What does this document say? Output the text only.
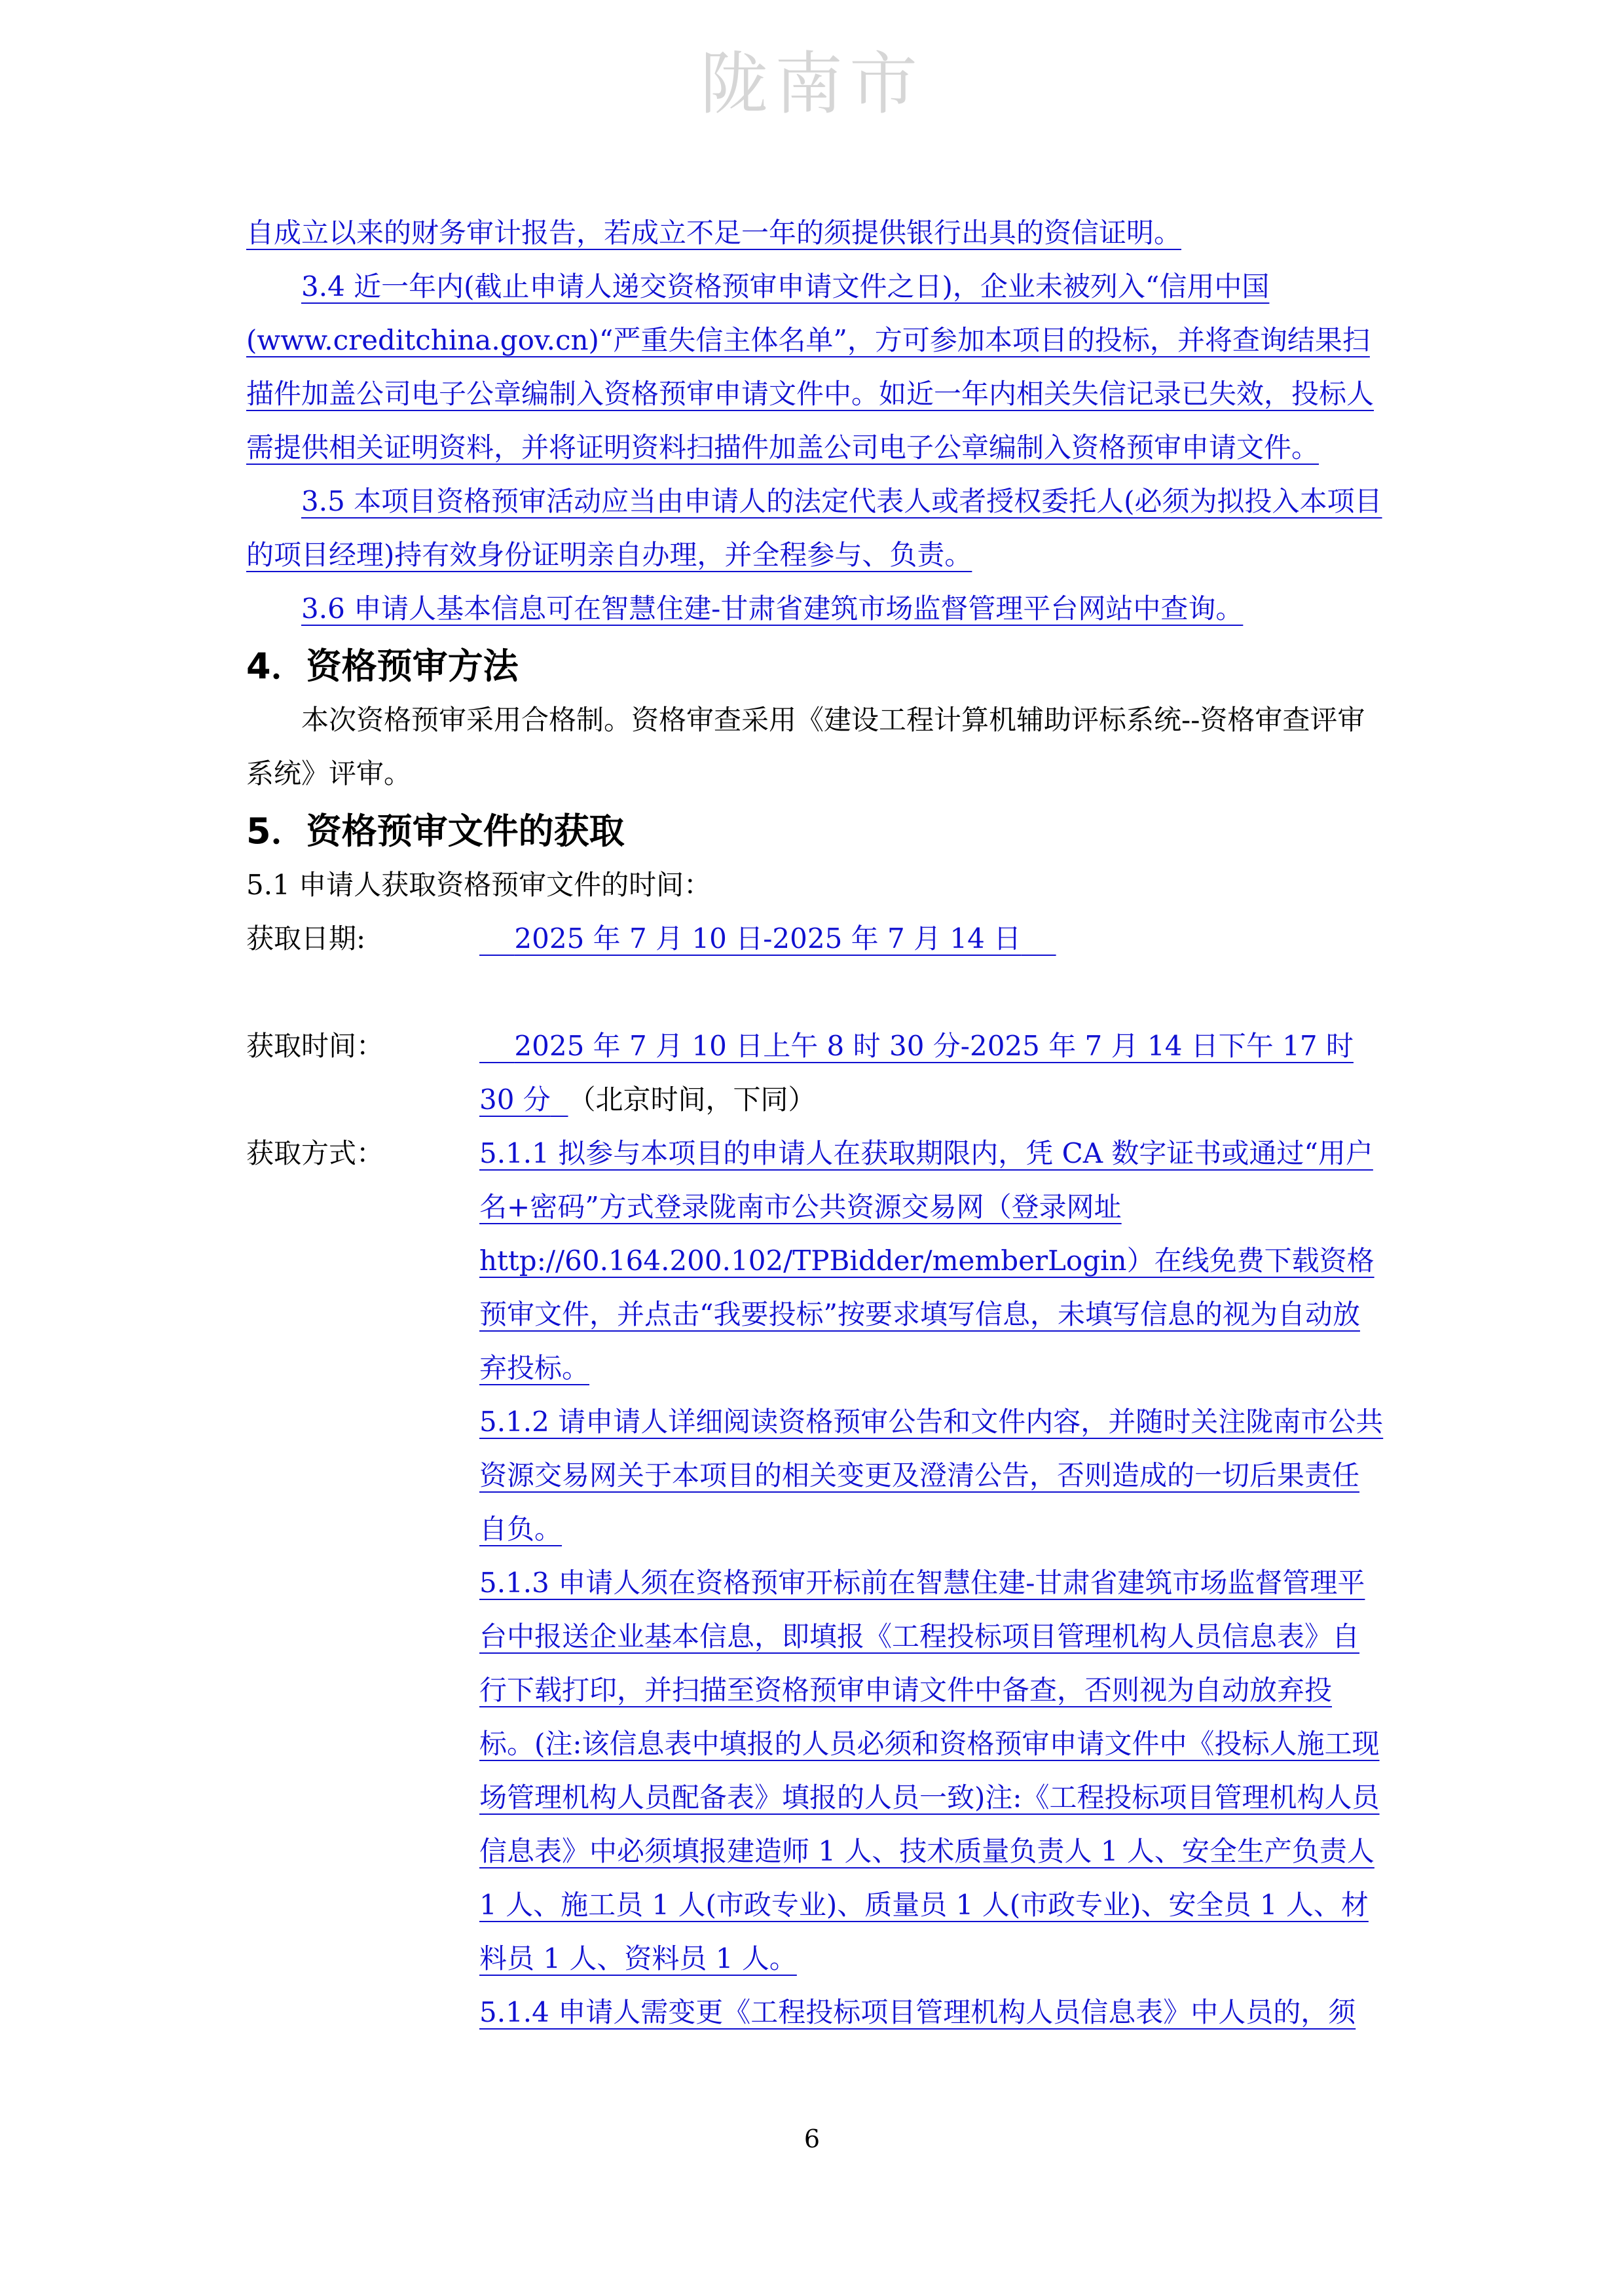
陇南市

自成立以来的财务审计报告，若成立不足一年的须提供银行出具的资信证明。

3.4 近一年内(截止申请人递交资格预审申请文件之日)，企业未被列入“信用中国(www.creditchina.gov.cn)“严重失信主体名单”，方可参加本项目的投标，并将查询结果扫描件加盖公司电子公章编制入资格预审申请文件中。如近一年内相关失信记录已失效，投标人需提供相关证明资料，并将证明资料扫描件加盖公司电子公章编制入资格预审申请文件。

3.5 本项目资格预审活动应当由申请人的法定代表人或者授权委托人(必须为拟投入本项目的项目经理)持有效身份证明亲自办理，并全程参与、负责。

3.6 申请人基本信息可在智慧住建-甘肃省建筑市场监督管理平台网站中查询。

4．资格预审方法

本次资格预审采用合格制。资格审查采用《建设工程计算机辅助评标系统--资格审查评审系统》评审。

5．资格预审文件的获取

5.1 申请人获取资格预审文件的时间：

获取日期:	2025 年 7 月 10 日-2025 年 7 月 14 日
获取时间：	2025 年 7 月 10 日上午 8 时 30 分-2025 年 7 月 14 日下午 17 时 30 分 （北京时间，下同）
获取方式：	5.1.1 拟参与本项目的申请人在获取期限内，凭 CA 数字证书或通过“用户名+密码”方式登录陇南市公共资源交易网（登录网址 http://60.164.200.102/TPBidder/memberLogin）在线免费下载资格预审文件，并点击“我要投标”按要求填写信息，未填写信息的视为自动放弃投标。
5.1.2 请申请人详细阅读资格预审公告和文件内容，并随时关注陇南市公共资源交易网关于本项目的相关变更及澄清公告，否则造成的一切后果责任自负。
5.1.3 申请人须在资格预审开标前在智慧住建-甘肃省建筑市场监督管理平台中报送企业基本信息，即填报《工程投标项目管理机构人员信息表》自行下载打印，并扫描至资格预审申请文件中备查，否则视为自动放弃投标。(注:该信息表中填报的人员必须和资格预审申请文件中《投标人施工现场管理机构人员配备表》填报的人员一致)注:《工程投标项目管理机构人员信息表》中必须填报建造师 1 人、技术质量负责人 1 人、安全生产负责人 1 人、施工员 1 人(市政专业)、质量员 1 人(市政专业)、安全员 1 人、材料员 1 人、资料员 1 人。
5.1.4 申请人需变更《工程投标项目管理机构人员信息表》中人员的，须
6
